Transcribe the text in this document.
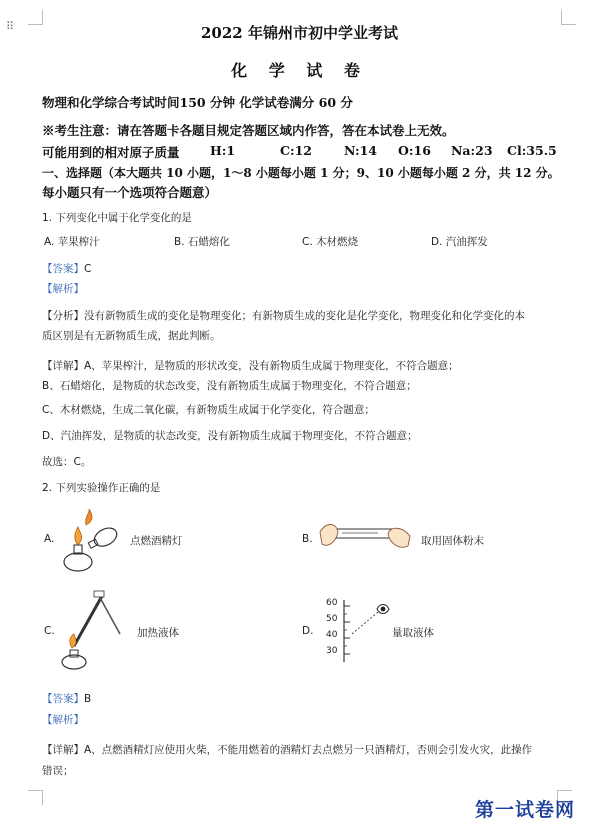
⠿	2022 年锦州市初中学业考试
化 学 试 卷
物理和化学综合考试时间150 分钟 化学试卷满分 60 分
※考生注意：请在答题卡各题目规定答题区域内作答，答在本试卷上无效。
可能用到的相对原子质量 H:1	C:12	N:14 O:16 Na:23 Cl:35.5
一、选择题（本大题共 10 小题，1～8 小题每小题 1 分；9、10 小题每小题 2 分，共 12 分。
每小题只有一个选项符合题意）
1. 下列变化中属于化学变化的是
A. 苹果榨汁	B. 石蜡熔化	C. 木材燃烧	D. 汽油挥发
【答案】C
【解析】
【分析】没有新物质生成的变化是物理变化；有新物质生成的变化是化学变化，物理变化和化学变化的本
质区别是有无新物质生成，据此判断。
【详解】A、苹果榨汁，是物质的形状改变，没有新物质生成属于物理变化，不符合题意；
B、石蜡熔化，是物质的状态改变，没有新物质生成属于物理变化，不符合题意；
C、木材燃烧，生成二氧化碳，有新物质生成属于化学变化，符合题意；
D、汽油挥发，是物质的状态改变，没有新物质生成属于物理变化，不符合题意；
故选：C。
2. 下列实验操作正确的是
A.	点燃酒精灯	B.	取用固体粉末
C.	加热液体	D.
60
50
40
30
量取液体
【答案】B
【解析】
【详解】A、点燃酒精灯应使用火柴，不能用燃着的酒精灯去点燃另一只酒精灯，否则会引发火灾，此操作
错误；
第一试卷网
